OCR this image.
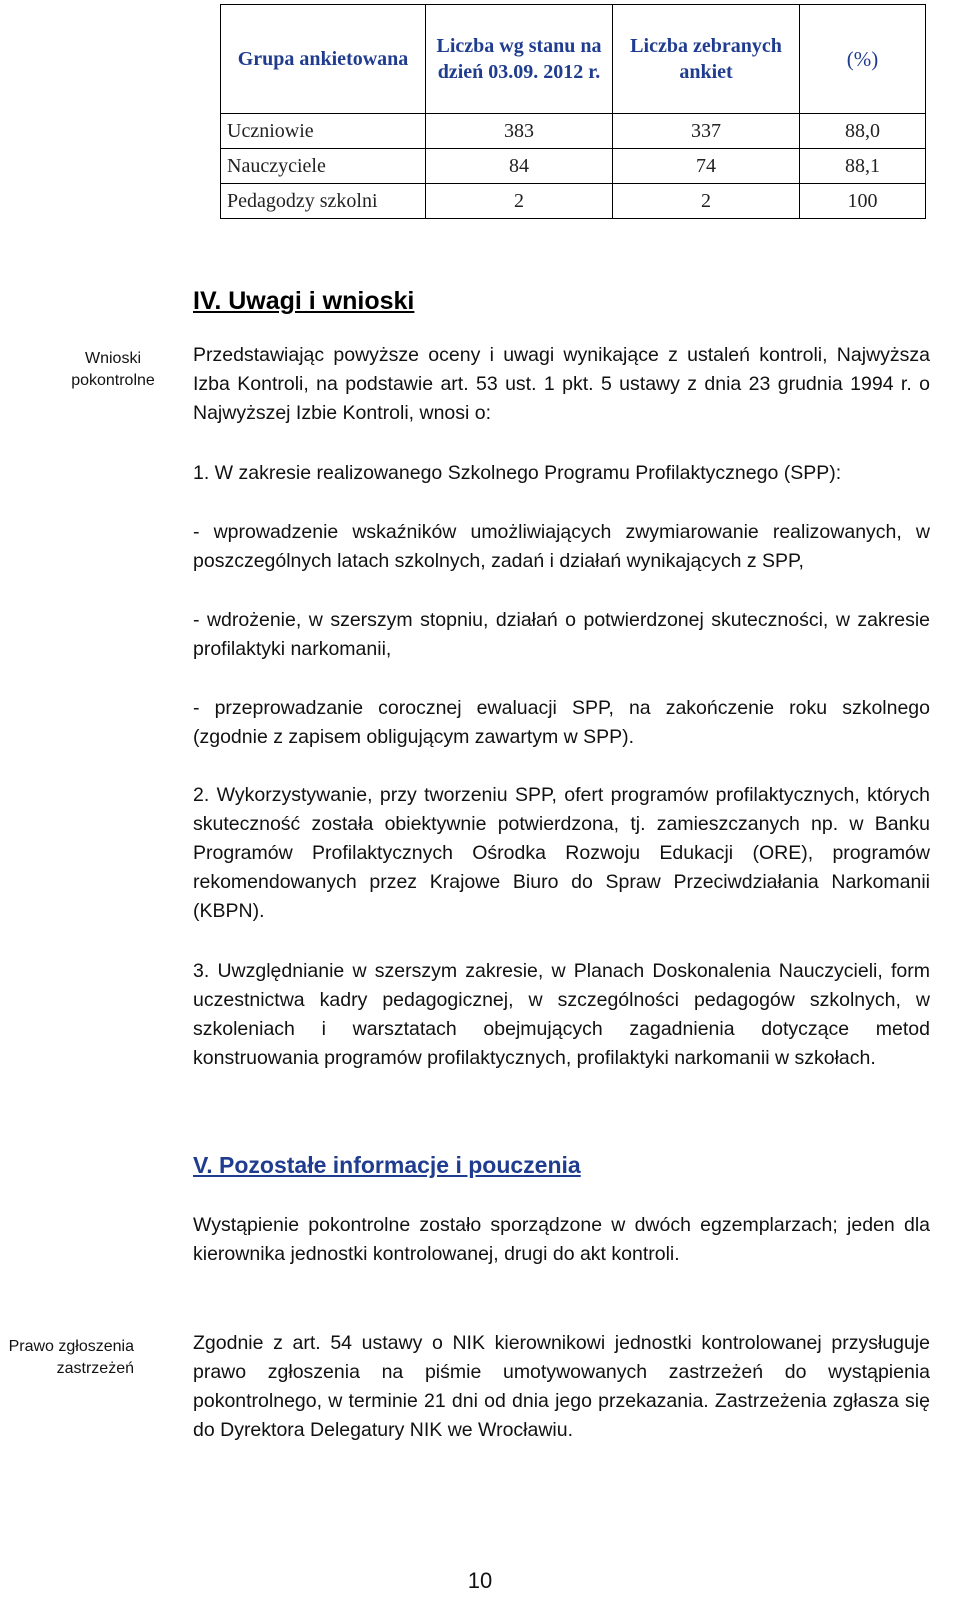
Grupa ankietowana	Liczba wg stanu na dzień 03.09. 2012 r.	Liczba zebranych ankiet	(%)
Uczniowie	383	337	88,0
Nauczyciele	84	74	88,1
Pedagodzy szkolni	2	2	100
IV. Uwagi i wnioski
Wnioski pokontrolne

Przedstawiając powyższe oceny i uwagi wynikające z ustaleń kontroli, Najwyższa Izba Kontroli, na podstawie art. 53 ust. 1 pkt. 5 ustawy z dnia 23 grudnia 1994 r. o Najwyższej Izbie Kontroli, wnosi o:

1. W zakresie realizowanego Szkolnego Programu Profilaktycznego (SPP):

- wprowadzenie wskaźników umożliwiających zwymiarowanie realizowanych, w poszczególnych latach szkolnych, zadań i działań wynikających z SPP,

- wdrożenie, w szerszym stopniu, działań o potwierdzonej skuteczności, w zakresie profilaktyki narkomanii,

- przeprowadzanie corocznej ewaluacji SPP, na zakończenie roku szkolnego (zgodnie z zapisem obligującym zawartym w SPP).

2. Wykorzystywanie, przy tworzeniu SPP, ofert programów profilaktycznych, których skuteczność została obiektywnie potwierdzona, tj. zamieszczanych np. w Banku Programów Profilaktycznych Ośrodka Rozwoju Edukacji (ORE), programów rekomendowanych przez Krajowe Biuro do Spraw Przeciwdziałania Narkomanii (KBPN).

3. Uwzględnianie w szerszym zakresie, w Planach Doskonalenia Nauczycieli, form uczestnictwa kadry pedagogicznej, w szczególności pedagogów szkolnych, w szkoleniach i warsztatach obejmujących zagadnienia dotyczące metod konstruowania programów profilaktycznych, profilaktyki narkomanii w szkołach.

V. Pozostałe informacje i pouczenia

Wystąpienie pokontrolne zostało sporządzone w dwóch egzemplarzach; jeden dla kierownika jednostki kontrolowanej, drugi do akt kontroli.

Prawo zgłoszenia zastrzeżeń

Zgodnie z art. 54 ustawy o NIK kierownikowi jednostki kontrolowanej przysługuje prawo zgłoszenia na piśmie umotywowanych zastrzeżeń do wystąpienia pokontrolnego, w terminie 21 dni od dnia jego przekazania. Zastrzeżenia zgłasza się do Dyrektora Delegatury NIK we Wrocławiu.

10
